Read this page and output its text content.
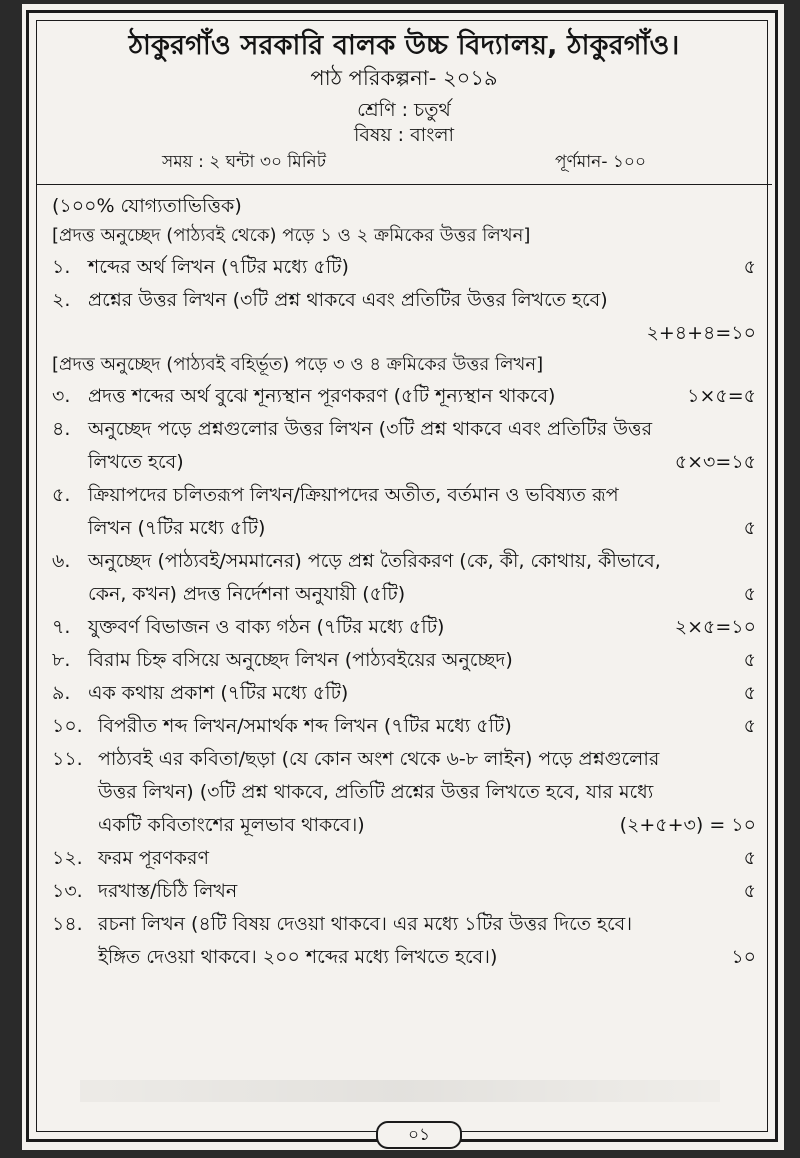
ঠাকুরগাঁও সরকারি বালক উচ্চ বিদ্যালয়, ঠাকুরগাঁও।
পাঠ পরিকল্পনা- ২০১৯
শ্রেণি : চতুর্থ
বিষয় : বাংলা
সময় : ২ ঘন্টা ৩০ মিনিট	পূর্ণমান- ১০০
(১০০% যোগ্যতাভিত্তিক)
[প্রদত্ত অনুচ্ছেদ (পাঠ্যবই থেকে) পড়ে ১ ও ২ ক্রমিকের উত্তর লিখন]
১. শব্দের অর্থ লিখন (৭টির মধ্যে ৫টি)	৫
২. প্রশ্নের উত্তর লিখন (৩টি প্রশ্ন থাকবে এবং প্রতিটির উত্তর লিখতে হবে)
২+৪+৪=১০
[প্রদত্ত অনুচ্ছেদ (পাঠ্যবই বহির্ভূত) পড়ে ৩ ও ৪ ক্রমিকের উত্তর লিখন]
৩. প্রদত্ত শব্দের অর্থ বুঝে শূন্যস্থান পূরণকরণ (৫টি শূন্যস্থান থাকবে)	১×৫=৫
৪. অনুচ্ছেদ পড়ে প্রশ্নগুলোর উত্তর লিখন (৩টি প্রশ্ন থাকবে এবং প্রতিটির উত্তর
লিখতে হবে)	৫×৩=১৫
৫. ক্রিয়াপদের চলিতরূপ লিখন/ক্রিয়াপদের অতীত, বর্তমান ও ভবিষ্যত রূপ
লিখন (৭টির মধ্যে ৫টি)	৫
৬. অনুচ্ছেদ (পাঠ্যবই/সমমানের) পড়ে প্রশ্ন তৈরিকরণ (কে, কী, কোথায়, কীভাবে,
কেন, কখন) প্রদত্ত নির্দেশনা অনুযায়ী (৫টি)	৫
৭. যুক্তবর্ণ বিভাজন ও বাক্য গঠন (৭টির মধ্যে ৫টি)	২×৫=১০
৮. বিরাম চিহ্ন বসিয়ে অনুচ্ছেদ লিখন (পাঠ্যবইয়ের অনুচ্ছেদ)	৫
৯. এক কথায় প্রকাশ (৭টির মধ্যে ৫টি)	৫
১০. বিপরীত শব্দ লিখন/সমার্থক শব্দ লিখন (৭টির মধ্যে ৫টি)	৫
১১. পাঠ্যবই এর কবিতা/ছড়া (যে কোন অংশ থেকে ৬-৮ লাইন) পড়ে প্রশ্নগুলোর
উত্তর লিখন) (৩টি প্রশ্ন থাকবে, প্রতিটি প্রশ্নের উত্তর লিখতে হবে, যার মধ্যে
একটি কবিতাংশের মূলভাব থাকবে।)	(২+৫+৩) = ১০
১২. ফরম পূরণকরণ	৫
১৩. দরখাস্ত/চিঠি লিখন	৫
১৪. রচনা লিখন (৪টি বিষয় দেওয়া থাকবে। এর মধ্যে ১টির উত্তর দিতে হবে।
ইঙ্গিত দেওয়া থাকবে। ২০০ শব্দের মধ্যে লিখতে হবে।)	১০
০১
